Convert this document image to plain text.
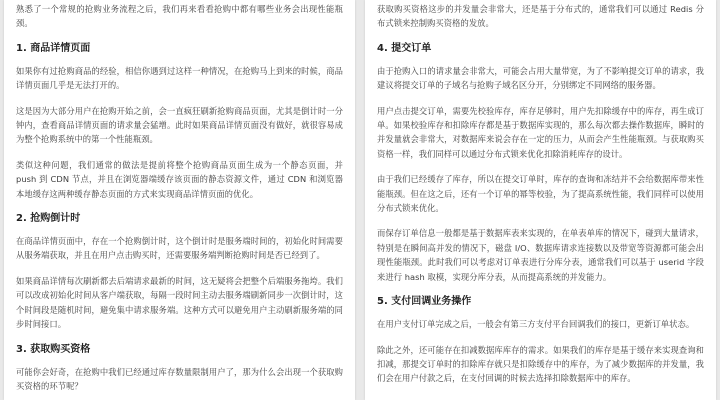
熟悉了一个常规的抢购业务流程之后，我们再来看看抢购中都有哪些业务会出现性能瓶颈。

1. 商品详情页面

如果你有过抢购商品的经验，相信你遇到过这样一种情况，在抢购马上到来的时候，商品详情页面几乎是无法打开的。

这是因为大部分用户在抢购开始之前，会一直疯狂刷新抢购商品页面，尤其是倒计时一分钟内，查看商品详情页面的请求量会猛增。此时如果商品详情页面没有做好，就很容易成为整个抢购系统中的第一个性能瓶颈。

类似这种问题，我们通常的做法是提前将整个抢购商品页面生成为一个静态页面，并 push 到 CDN 节点，并且在浏览器端缓存该页面的静态资源文件，通过 CDN 和浏览器本地缓存这两种缓存静态页面的方式来实现商品详情页面的优化。

2. 抢购倒计时

在商品详情页面中，存在一个抢购倒计时，这个倒计时是服务端时间的，初始化时间需要从服务端获取，并且在用户点击购买时，还需要服务端判断抢购时间是否已经到了。

如果商品详情每次刷新都去后端请求最新的时间，这无疑将会把整个后端服务拖垮。我们可以改成初始化时间从客户端获取，每隔一段时间主动去服务端刷新同步一次倒计时，这个时间段是随机时间，避免集中请求服务端。这种方式可以避免用户主动刷新服务端的同步时间接口。

3. 获取购买资格

可能你会好奇，在抢购中我们已经通过库存数量限制用户了，那为什么会出现一个获取购买资格的环节呢？

获取购买资格这步的并发量会非常大，还是基于分布式的，通常我们可以通过 Redis 分布式锁来控制购买资格的发放。

4. 提交订单

由于抢购入口的请求量会非常大，可能会占用大量带宽，为了不影响提交订单的请求，我建议将提交订单的子域名与抢购子域名区分开，分别绑定不同网络的服务器。

用户点击提交订单，需要先校验库存，库存足够时，用户先扣除缓存中的库存，再生成订单。如果校验库存和扣除库存都是基于数据库实现的，那么每次都去操作数据库，瞬时的并发量就会非常大，对数据库来说会存在一定的压力，从而会产生性能瓶颈。与获取购买资格一样，我们同样可以通过分布式锁来优化扣除消耗库存的设计。

由于我们已经缓存了库存，所以在提交订单时，库存的查询和冻结并不会给数据库带来性能瓶颈。但在这之后，还有一个订单的幂等校验，为了提高系统性能，我们同样可以使用分布式锁来优化。

而保存订单信息一般都是基于数据库表来实现的，在单表单库的情况下，碰到大量请求，特别是在瞬间高并发的情况下，磁盘 I/O、数据库请求连接数以及带宽等资源都可能会出现性能瓶颈。此时我们可以考虑对订单表进行分库分表，通常我们可以基于 userid 字段来进行 hash 取模，实现分库分表，从而提高系统的并发能力。

5. 支付回调业务操作

在用户支付订单完成之后，一般会有第三方支付平台回调我们的接口，更新订单状态。

除此之外，还可能存在扣减数据库库存的需求。如果我们的库存是基于缓存来实现查询和扣减，那提交订单时的扣除库存就只是扣除缓存中的库存，为了减少数据库的并发量，我们会在用户付款之后，在支付回调的时候去选择扣除数据库中的库存。
